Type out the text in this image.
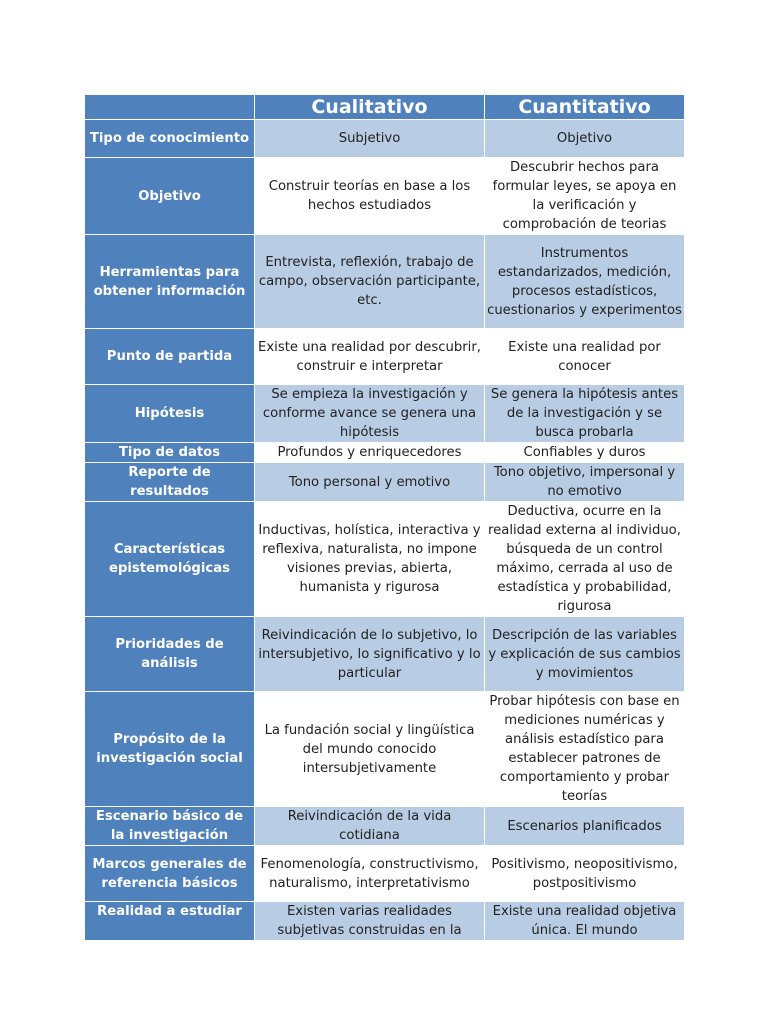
	Cualitativo	Cuantitativo
Tipo de conocimiento	Subjetivo	Objetivo
Objetivo	Construir teorías en base a los hechos estudiados	Descubrir hechos para formular leyes, se apoya en la verificación y comprobación de teorias
Herramientas para obtener información	Entrevista, reflexión, trabajo de campo, observación participante, etc.	Instrumentos estandarizados, medición, procesos estadísticos, cuestionarios y experimentos
Punto de partida	Existe una realidad por descubrir, construir e interpretar	Existe una realidad por conocer
Hipótesis	Se empieza la investigación y conforme avance se genera una hipótesis	Se genera la hipótesis antes de la investigación y se busca probarla
Tipo de datos	Profundos y enriquecedores	Confiables y duros
Reporte de resultados	Tono personal y emotivo	Tono objetivo, impersonal y no emotivo
Características epistemológicas	Inductivas, holística, interactiva y reflexiva, naturalista, no impone visiones previas, abierta, humanista y rigurosa	Deductiva, ocurre en la realidad externa al individuo, búsqueda de un control máximo, cerrada al uso de estadística y probabilidad, rigurosa
Prioridades de análisis	Reivindicación de lo subjetivo, lo intersubjetivo, lo significativo y lo particular	Descripción de las variables y explicación de sus cambios y movimientos
Propósito de la investigación social	La fundación social y lingüística del mundo conocido intersubjetivamente	Probar hipótesis con base en mediciones numéricas y análisis estadístico para establecer patrones de comportamiento y probar teorías
Escenario básico de la investigación	Reivindicación de la vida cotidiana	Escenarios planificados
Marcos generales de referencia básicos	Fenomenología, constructivismo, naturalismo, interpretativismo	Positivismo, neopositivismo, postpositivismo
Realidad a estudiar	Existen varias realidades subjetivas construidas en la	Existe una realidad objetiva única. El mundo
